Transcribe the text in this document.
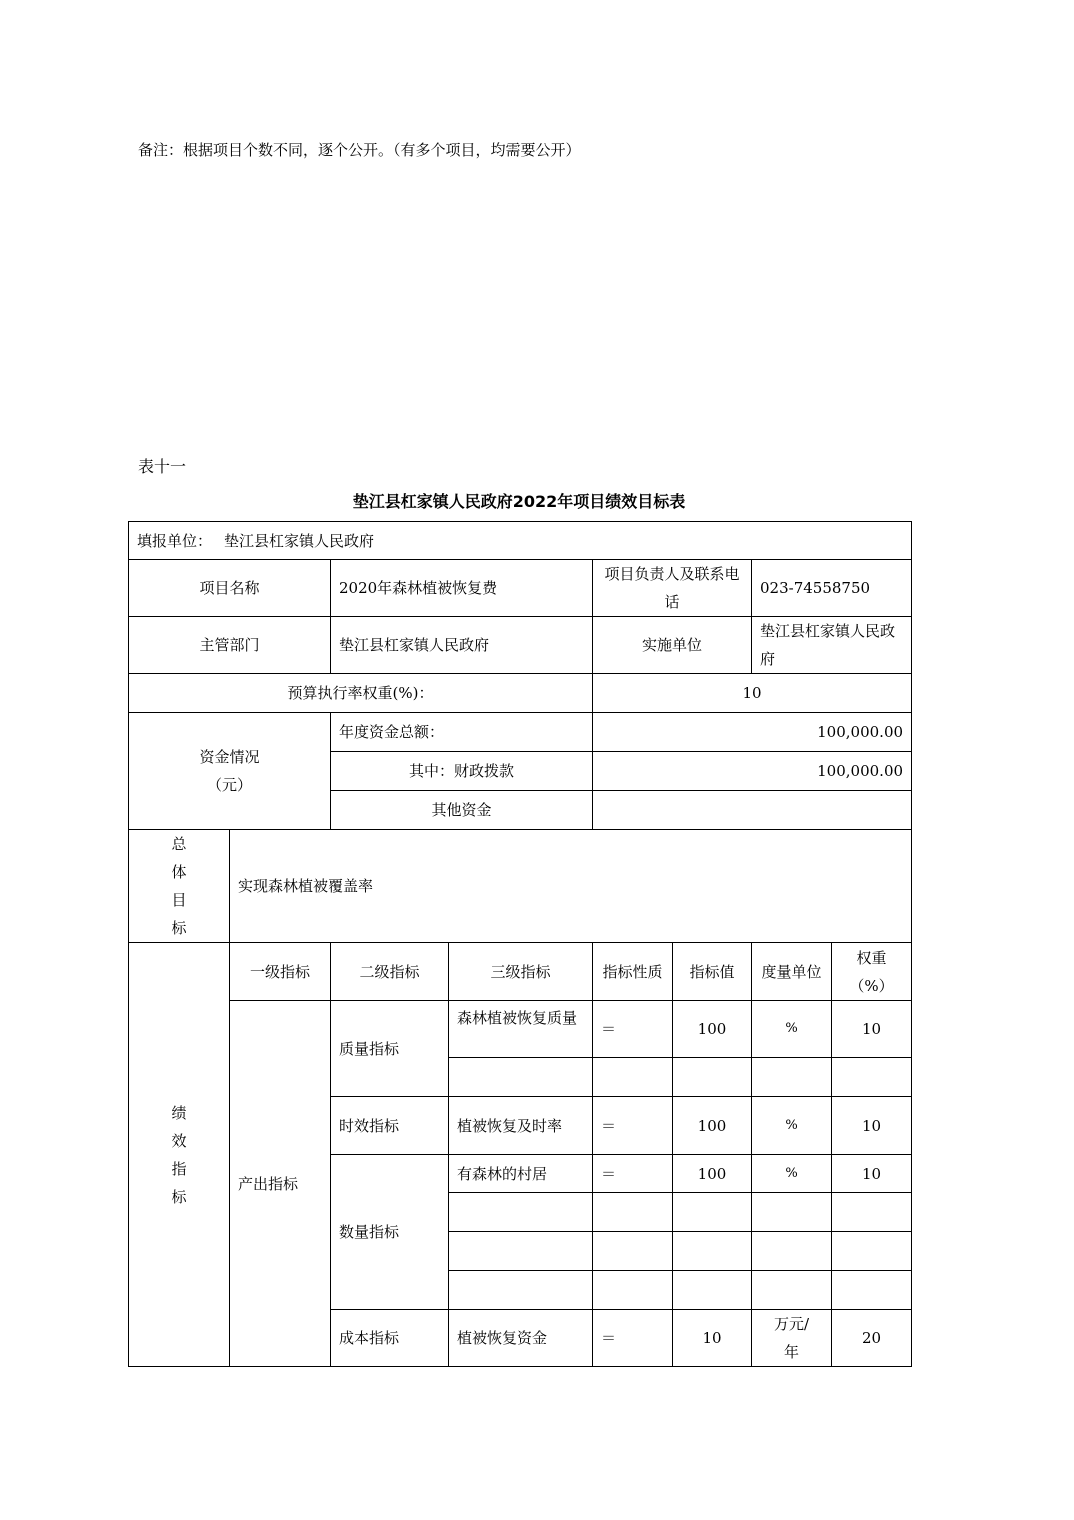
备注：根据项目个数不同，逐个公开。（有多个项目，均需要公开）
表十一
垫江县杠家镇人民政府2022年项目绩效目标表
填报单位： 垫江县杠家镇人民政府							
项目名称		2020年森林植被恢复费		项目负责人及联系电话		023-74558750	
主管部门		垫江县杠家镇人民政府		实施单位		垫江县杠家镇人民政府	
预算执行率权重(%)：				10			
资金情况（元）		年度资金总额：		100,000.00			
		其中：财政拨款		100,000.00			
		其他资金					
总体目标	实现森林植被覆盖率						
绩效指标	一级指标	二级指标	三级指标	指标性质	指标值	度量单位	权重（%）
	产出指标	质量指标	森林植被恢复质量	＝	100	%	10

		时效指标	植被恢复及时率	＝	100	%	10
		数量指标	有森林的村居	＝	100	%	10

		成本指标	植被恢复资金	＝	10	万元/年	20
